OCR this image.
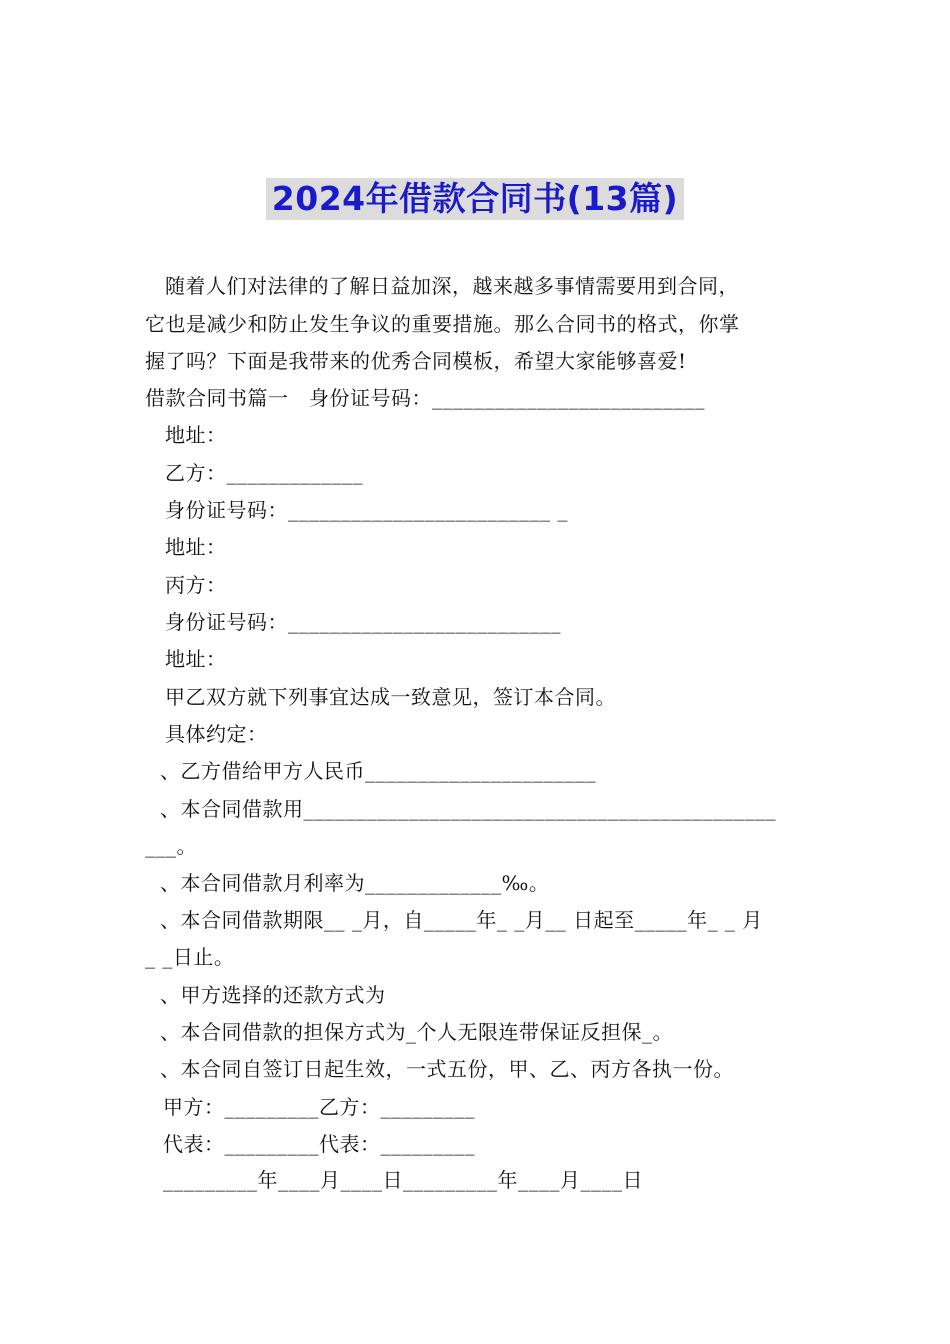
2024年借款合同书(13篇)
随着人们对法律的了解日益加深，越来越多事情需要用到合同，
它也是减少和防止发生争议的重要措施。那么合同书的格式，你掌
握了吗？下面是我带来的优秀合同模板，希望大家能够喜爱!
借款合同书篇一　身份证号码：__________________________
地址：
乙方：_____________
身份证号码：_________________________ _
地址：
丙方：
身份证号码：__________________________
地址：
甲乙双方就下列事宜达成一致意见，签订本合同。
具体约定：
、乙方借给甲方人民币______________________
、本合同借款用_____________________________________________
___。
、本合同借款月利率为_____________‰。
、本合同借款期限__ _月，自_____年_ _月__ 日起至_____年_ _ 月
_ _日止。
、甲方选择的还款方式为
、本合同借款的担保方式为_个人无限连带保证反担保_。
、本合同自签订日起生效，一式五份，甲、乙、丙方各执一份。
甲方：_________乙方：_________
代表：_________代表：_________
_________年____月____日_________年____月____日
